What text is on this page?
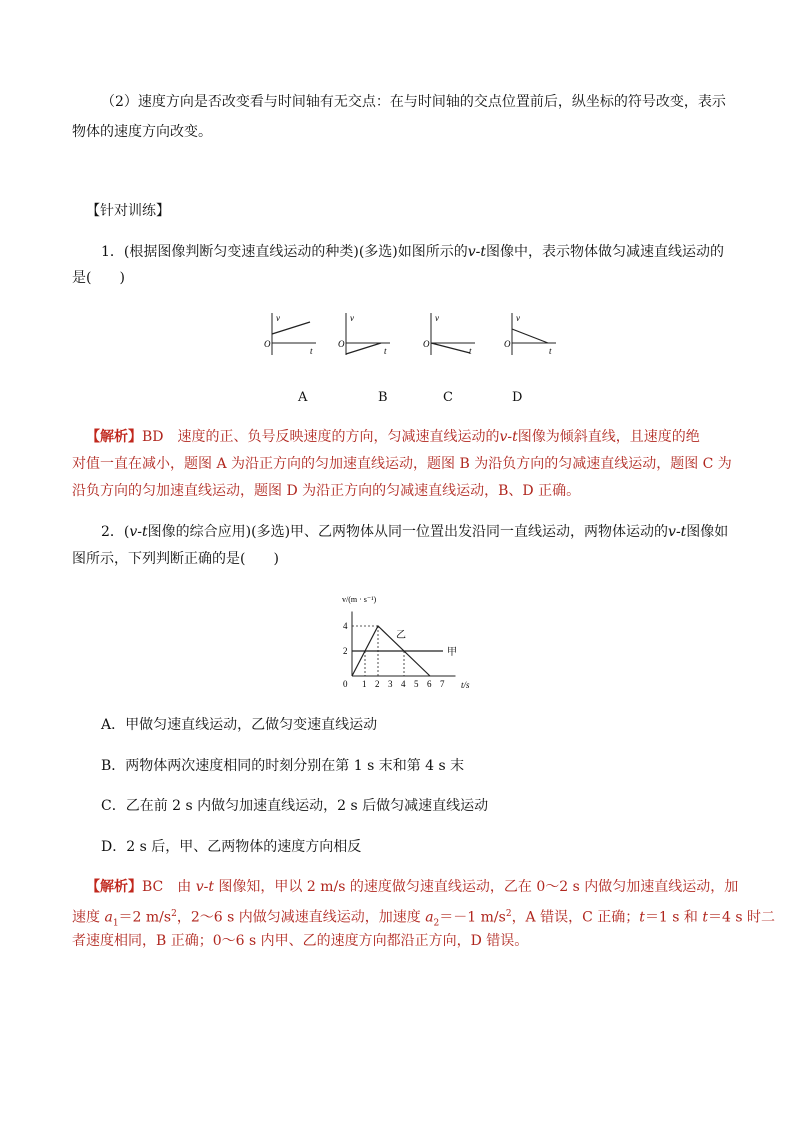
（2）速度方向是否改变看与时间轴有无交点：在与时间轴的交点位置前后，纵坐标的符号改变，表示
物体的速度方向改变。
【针对训练】
1．(根据图像判断匀变速直线运动的种类)(多选)如图所示的v-t图像中，表示物体做匀减速直线运动的
是(　　)
v
O
t
v
O
t
v
O
t
v
O
t
A	B	C	D
【解析】BD　速度的正、负号反映速度的方向，匀减速直线运动的v-t图像为倾斜直线，且速度的绝
对值一直在减小，题图 A 为沿正方向的匀加速直线运动，题图 B 为沿负方向的匀减速直线运动，题图 C 为
沿负方向的匀加速直线运动，题图 D 为沿正方向的匀减速直线运动，B、D 正确。
2．(v-t图像的综合应用)(多选)甲、乙两物体从同一位置出发沿同一直线运动，两物体运动的v-t图像如
图所示，下列判断正确的是(　　)
v/(m · s⁻¹)
t/s
0 1 2 3 4 5 6 7
2
4
甲
乙
A．甲做匀速直线运动，乙做匀变速直线运动
B．两物体两次速度相同的时刻分别在第 1 s 末和第 4 s 末
C．乙在前 2 s 内做匀加速直线运动，2 s 后做匀减速直线运动
D．2 s 后，甲、乙两物体的速度方向相反
【解析】BC　由 v-t 图像知，甲以 2 m/s 的速度做匀速直线运动，乙在 0～2 s 内做匀加速直线运动，加
速度 $a_1=2$ $m/s^2$，2～6 s 内做匀减速直线运动，加速度 $a_2=-1$ $m/s^2$，A 错误，C 正确；t＝1 s 和 t＝4 s 时二
者速度相同，B 正确；0～6 s 内甲、乙的速度方向都沿正方向，D 错误。
